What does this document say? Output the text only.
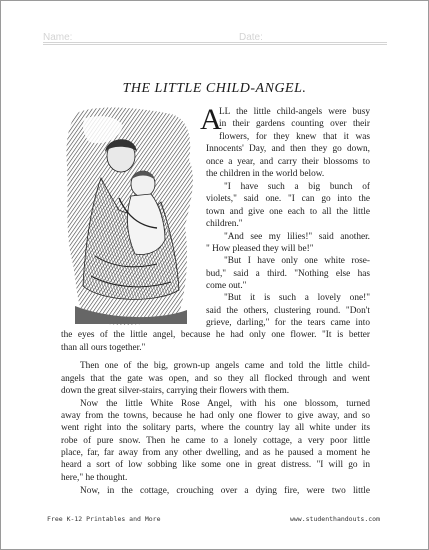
Name:	Date:
THE LITTLE CHILD-ANGEL.
A
LL the little child-angels were busy
in their gardens counting over their
flowers, for they knew that it was
Innocents' Day, and then they go down,
once a year, and carry their blossoms to
the children in the world below.
"I have such a big bunch of
violets," said one. "I can go into the
town and give one each to all the little
children."
"And see my lilies!" said another.
" How pleased they will be!"
"But I have only one white rose-
bud," said a third. "Nothing else has
come out."
"But it is such a lovely one!"
said the others, clustering round. "Don't
grieve, darling," for the tears came into
the eyes of the little angel, because he had only one flower. "It is better
than all ours together."
Then one of the big, grown-up angels came and told the little child-
angels that the gate was open, and so they all flocked through and went
down the great silver-stairs, carrying their flowers with them.
Now the little White Rose Angel, with his one blossom, turned
away from the towns, because he had only one flower to give away, and so
went right into the solitary parts, where the country lay all white under its
robe of pure snow. Then he came to a lonely cottage, a very poor little
place, far, far away from any other dwelling, and as he paused a moment he
heard a sort of low sobbing like some one in great distress. "I will go in
here," he thought.
Now, in the cottage, crouching over a dying fire, were two little
Free K-12 Printables and More	www.studenthandouts.com
